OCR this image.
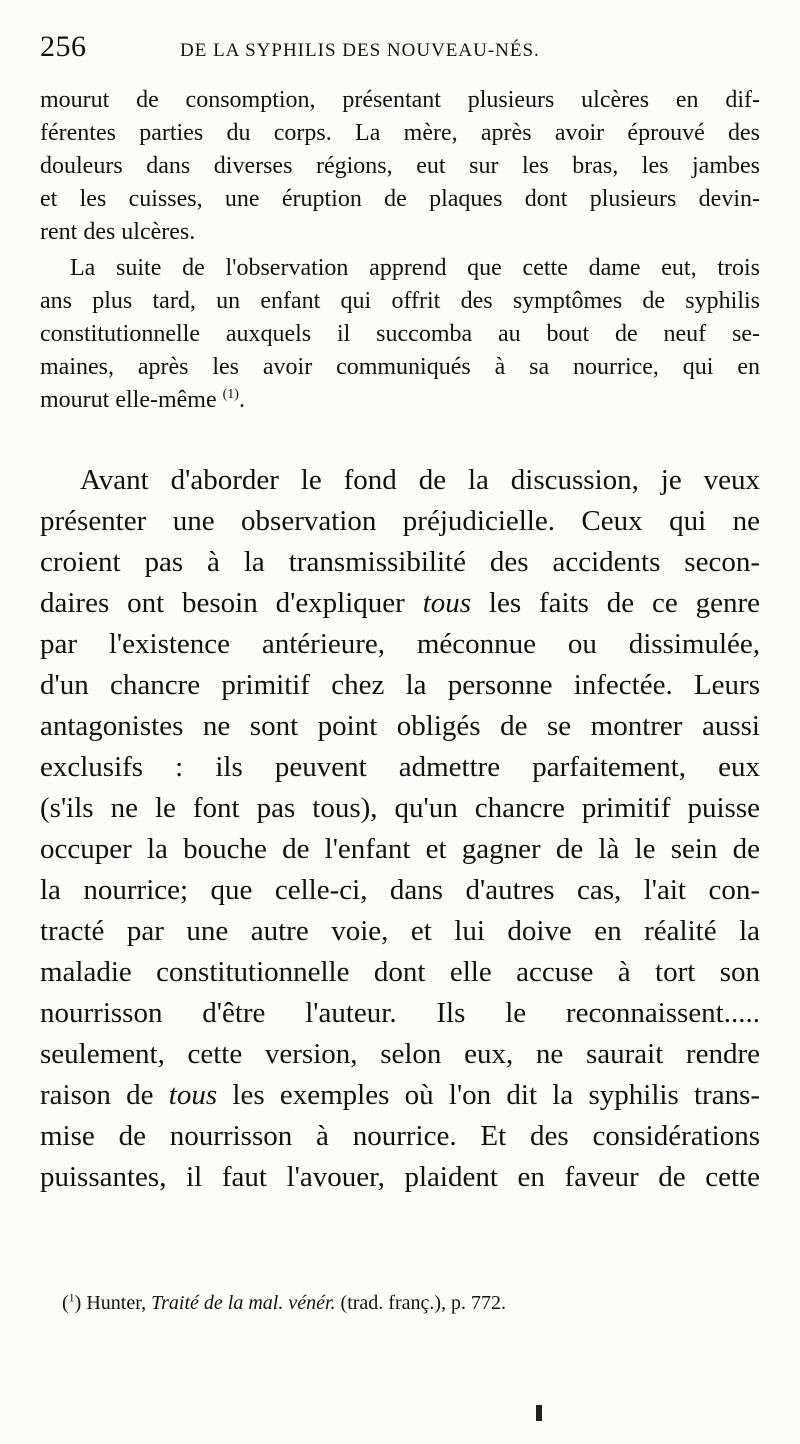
256	DE LA SYPHILIS DES NOUVEAU-NÉS.
mourut de consomption, présentant plusieurs ulcères en dif-
férentes parties du corps. La mère, après avoir éprouvé des
douleurs dans diverses régions, eut sur les bras, les jambes
et les cuisses, une éruption de plaques dont plusieurs devin-
rent des ulcères.
La suite de l'observation apprend que cette dame eut, trois
ans plus tard, un enfant qui offrit des symptômes de syphilis
constitutionnelle auxquels il succomba au bout de neuf se-
maines, après les avoir communiqués à sa nourrice, qui en
mourut elle-même $^{(1)}$.
Avant d'aborder le fond de la discussion, je veux
présenter une observation préjudicielle. Ceux qui ne
croient pas à la transmissibilité des accidents secon-
daires ont besoin d'expliquer tous les faits de ce genre
par l'existence antérieure, méconnue ou dissimulée,
d'un chancre primitif chez la personne infectée. Leurs
antagonistes ne sont point obligés de se montrer aussi
exclusifs : ils peuvent admettre parfaitement, eux
(s'ils ne le font pas tous), qu'un chancre primitif puisse
occuper la bouche de l'enfant et gagner de là le sein de
la nourrice; que celle-ci, dans d'autres cas, l'ait con-
tracté par une autre voie, et lui doive en réalité la
maladie constitutionnelle dont elle accuse à tort son
nourrisson d'être l'auteur. Ils le reconnaissent.....
seulement, cette version, selon eux, ne saurait rendre
raison de tous les exemples où l'on dit la syphilis trans-
mise de nourrisson à nourrice. Et des considérations
puissantes, il faut l'avouer, plaident en faveur de cette
($^1$) Hunter, Traité de la mal. vénér. (trad. franç.), p. 772.
